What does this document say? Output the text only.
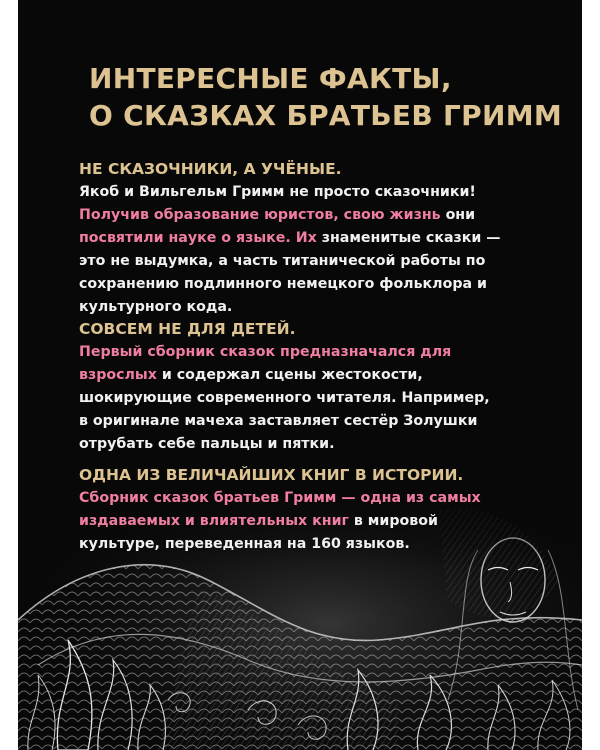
ИНТЕРЕСНЫЕ ФАКТЫ,
О СКАЗКАХ БРАТЬЕВ ГРИММ
НЕ СКАЗОЧНИКИ, А УЧЁНЫЕ.
Якоб и Вильгельм Гримм не просто сказочники!
Получив образование юристов, свою жизнь они
посвятили науке о языке. Их знаменитые сказки —
это не выдумка, а часть титанической работы по
сохранению подлинного немецкого фольклора и
культурного кода.
СОВСЕМ НЕ ДЛЯ ДЕТЕЙ.
Первый сборник сказок предназначался для
взрослых и содержал сцены жестокости,
шокирующие современного читателя. Например,
в оригинале мачеха заставляет сестёр Золушки
отрубать себе пальцы и пятки.
ОДНА ИЗ ВЕЛИЧАЙШИХ КНИГ В ИСТОРИИ.
Сборник сказок братьев Гримм — одна из самых
издаваемых и влиятельных книг в мировой
культуре, переведенная на 160 языков.
